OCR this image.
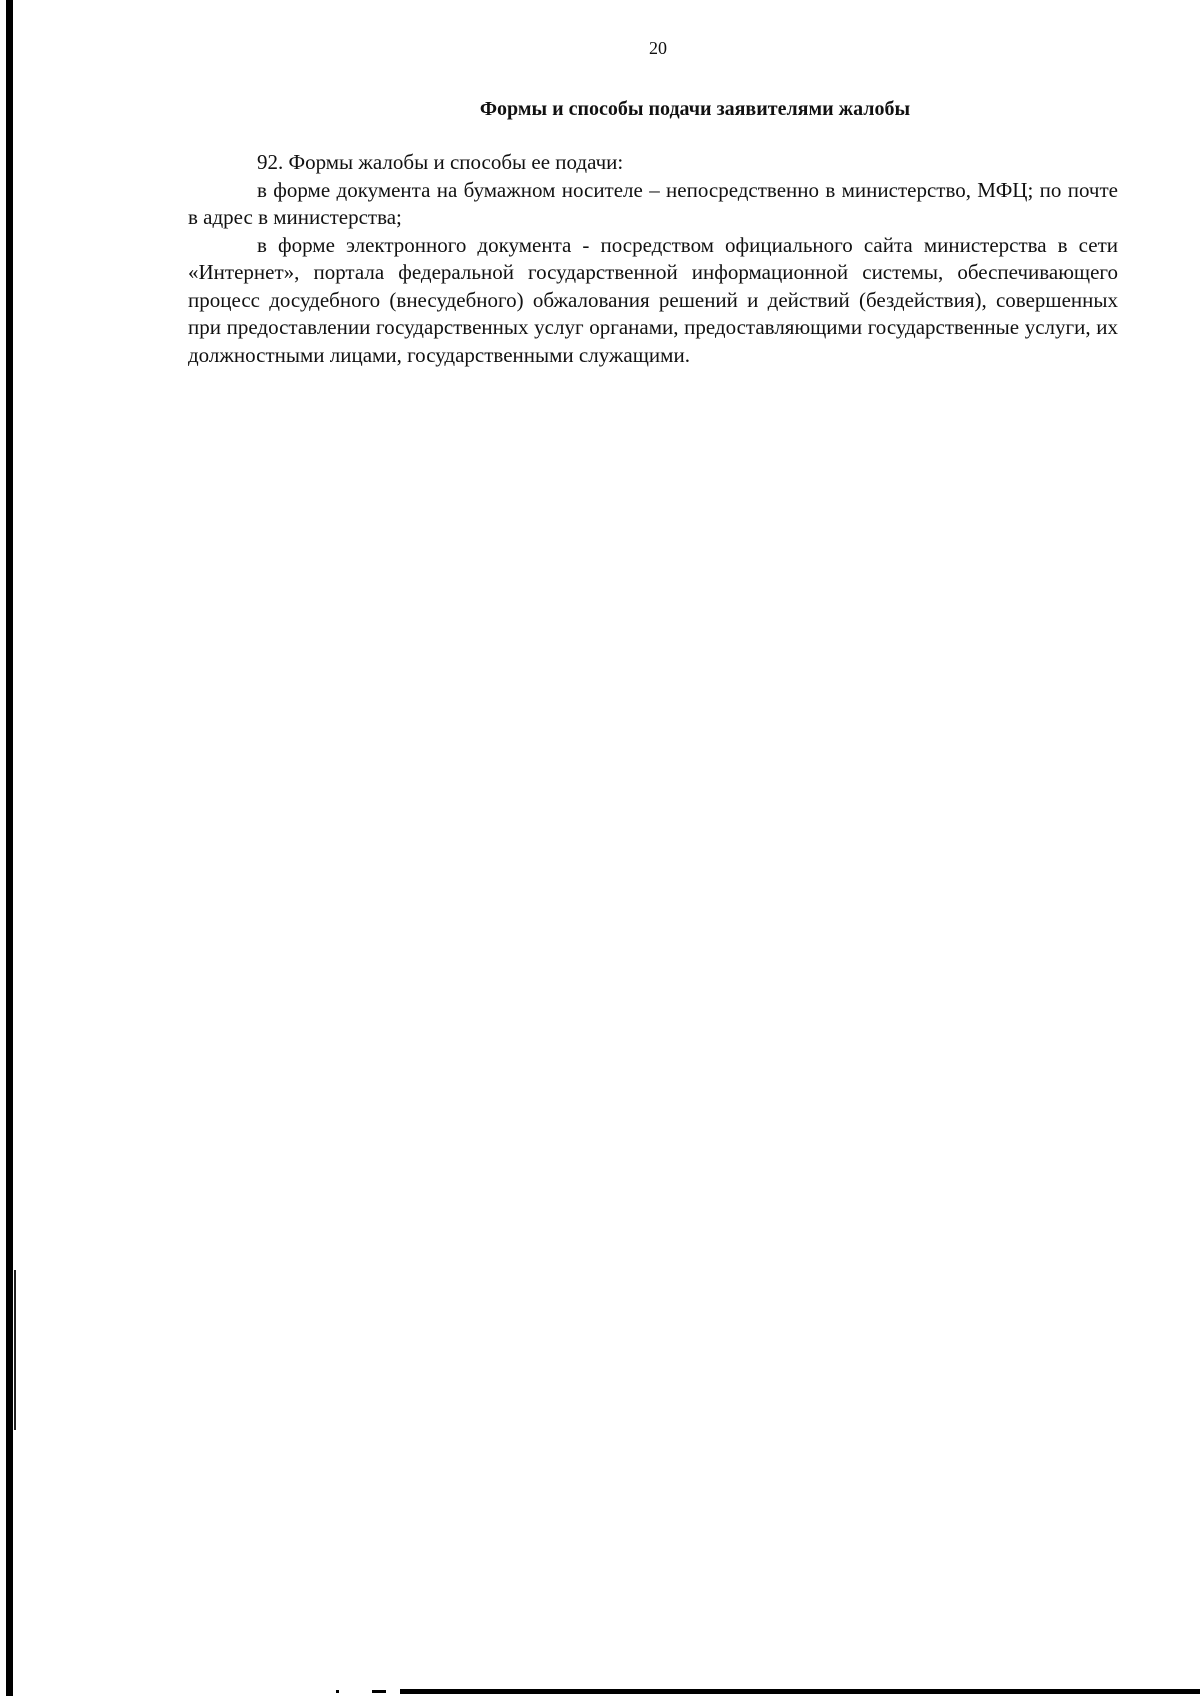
20
Формы и способы подачи заявителями жалобы

92. Формы жалобы и способы ее подачи:

в форме документа на бумажном носителе – непосредственно в министерство, МФЦ; по почте в адрес в министерства;

в форме электронного документа - посредством официального сайта министерства в сети «Интернет», портала федеральной государственной информационной системы, обеспечивающего процесс досудебного (внесудебного) обжалования решений и действий (бездействия), совершенных при предоставлении государственных услуг органами, предоставляющими государственные услуги, их должностными лицами, государственными служащими.
